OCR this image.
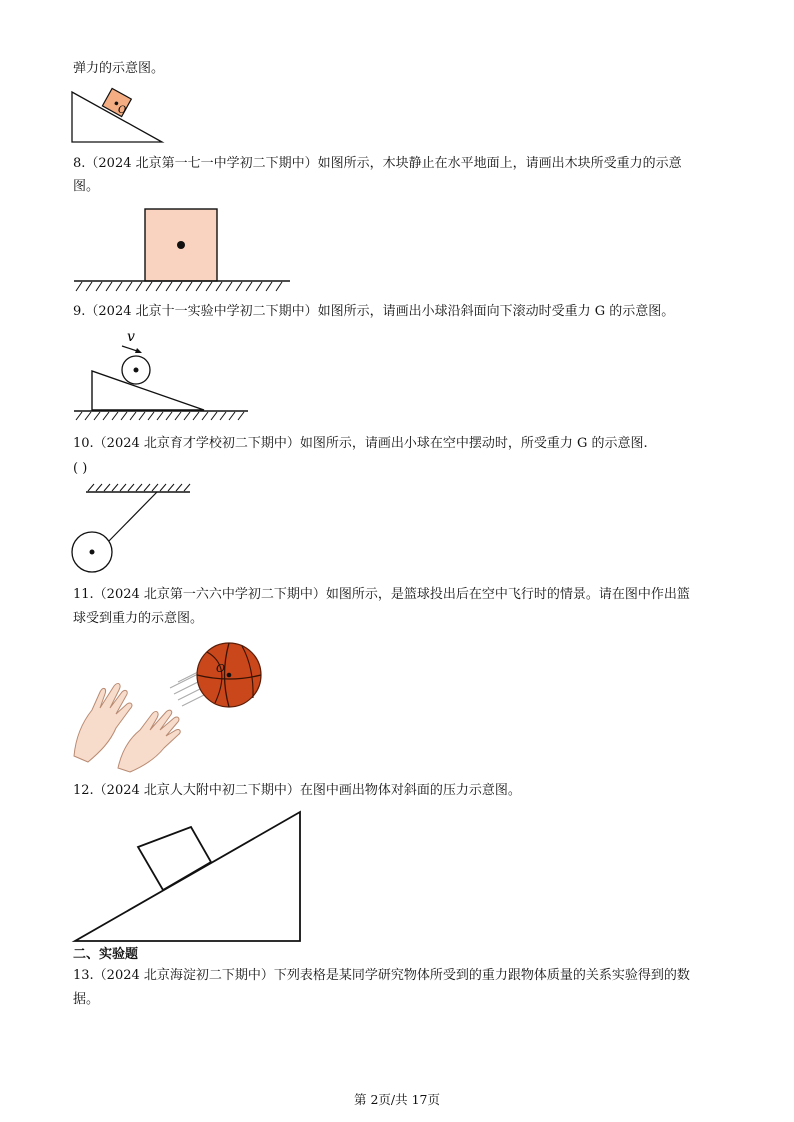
弹力的示意图。
O
8.（2024 北京第一七一中学初二下期中）如图所示，木块静止在水平地面上，请画出木块所受重力的示意
图。
9.（2024 北京十一实验中学初二下期中）如图所示，请画出小球沿斜面向下滚动时受重力 G 的示意图。
v
10.（2024 北京育才学校初二下期中）如图所示，请画出小球在空中摆动时，所受重力 G 的示意图.
( )
11.（2024 北京第一六六中学初二下期中）如图所示，是篮球投出后在空中飞行时的情景。请在图中作出篮
球受到重力的示意图。
O
12.（2024 北京人大附中初二下期中）在图中画出物体对斜面的压力示意图。
二、实验题
13.（2024 北京海淀初二下期中）下列表格是某同学研究物体所受到的重力跟物体质量的关系实验得到的数
据。
第 2页/共 17页
